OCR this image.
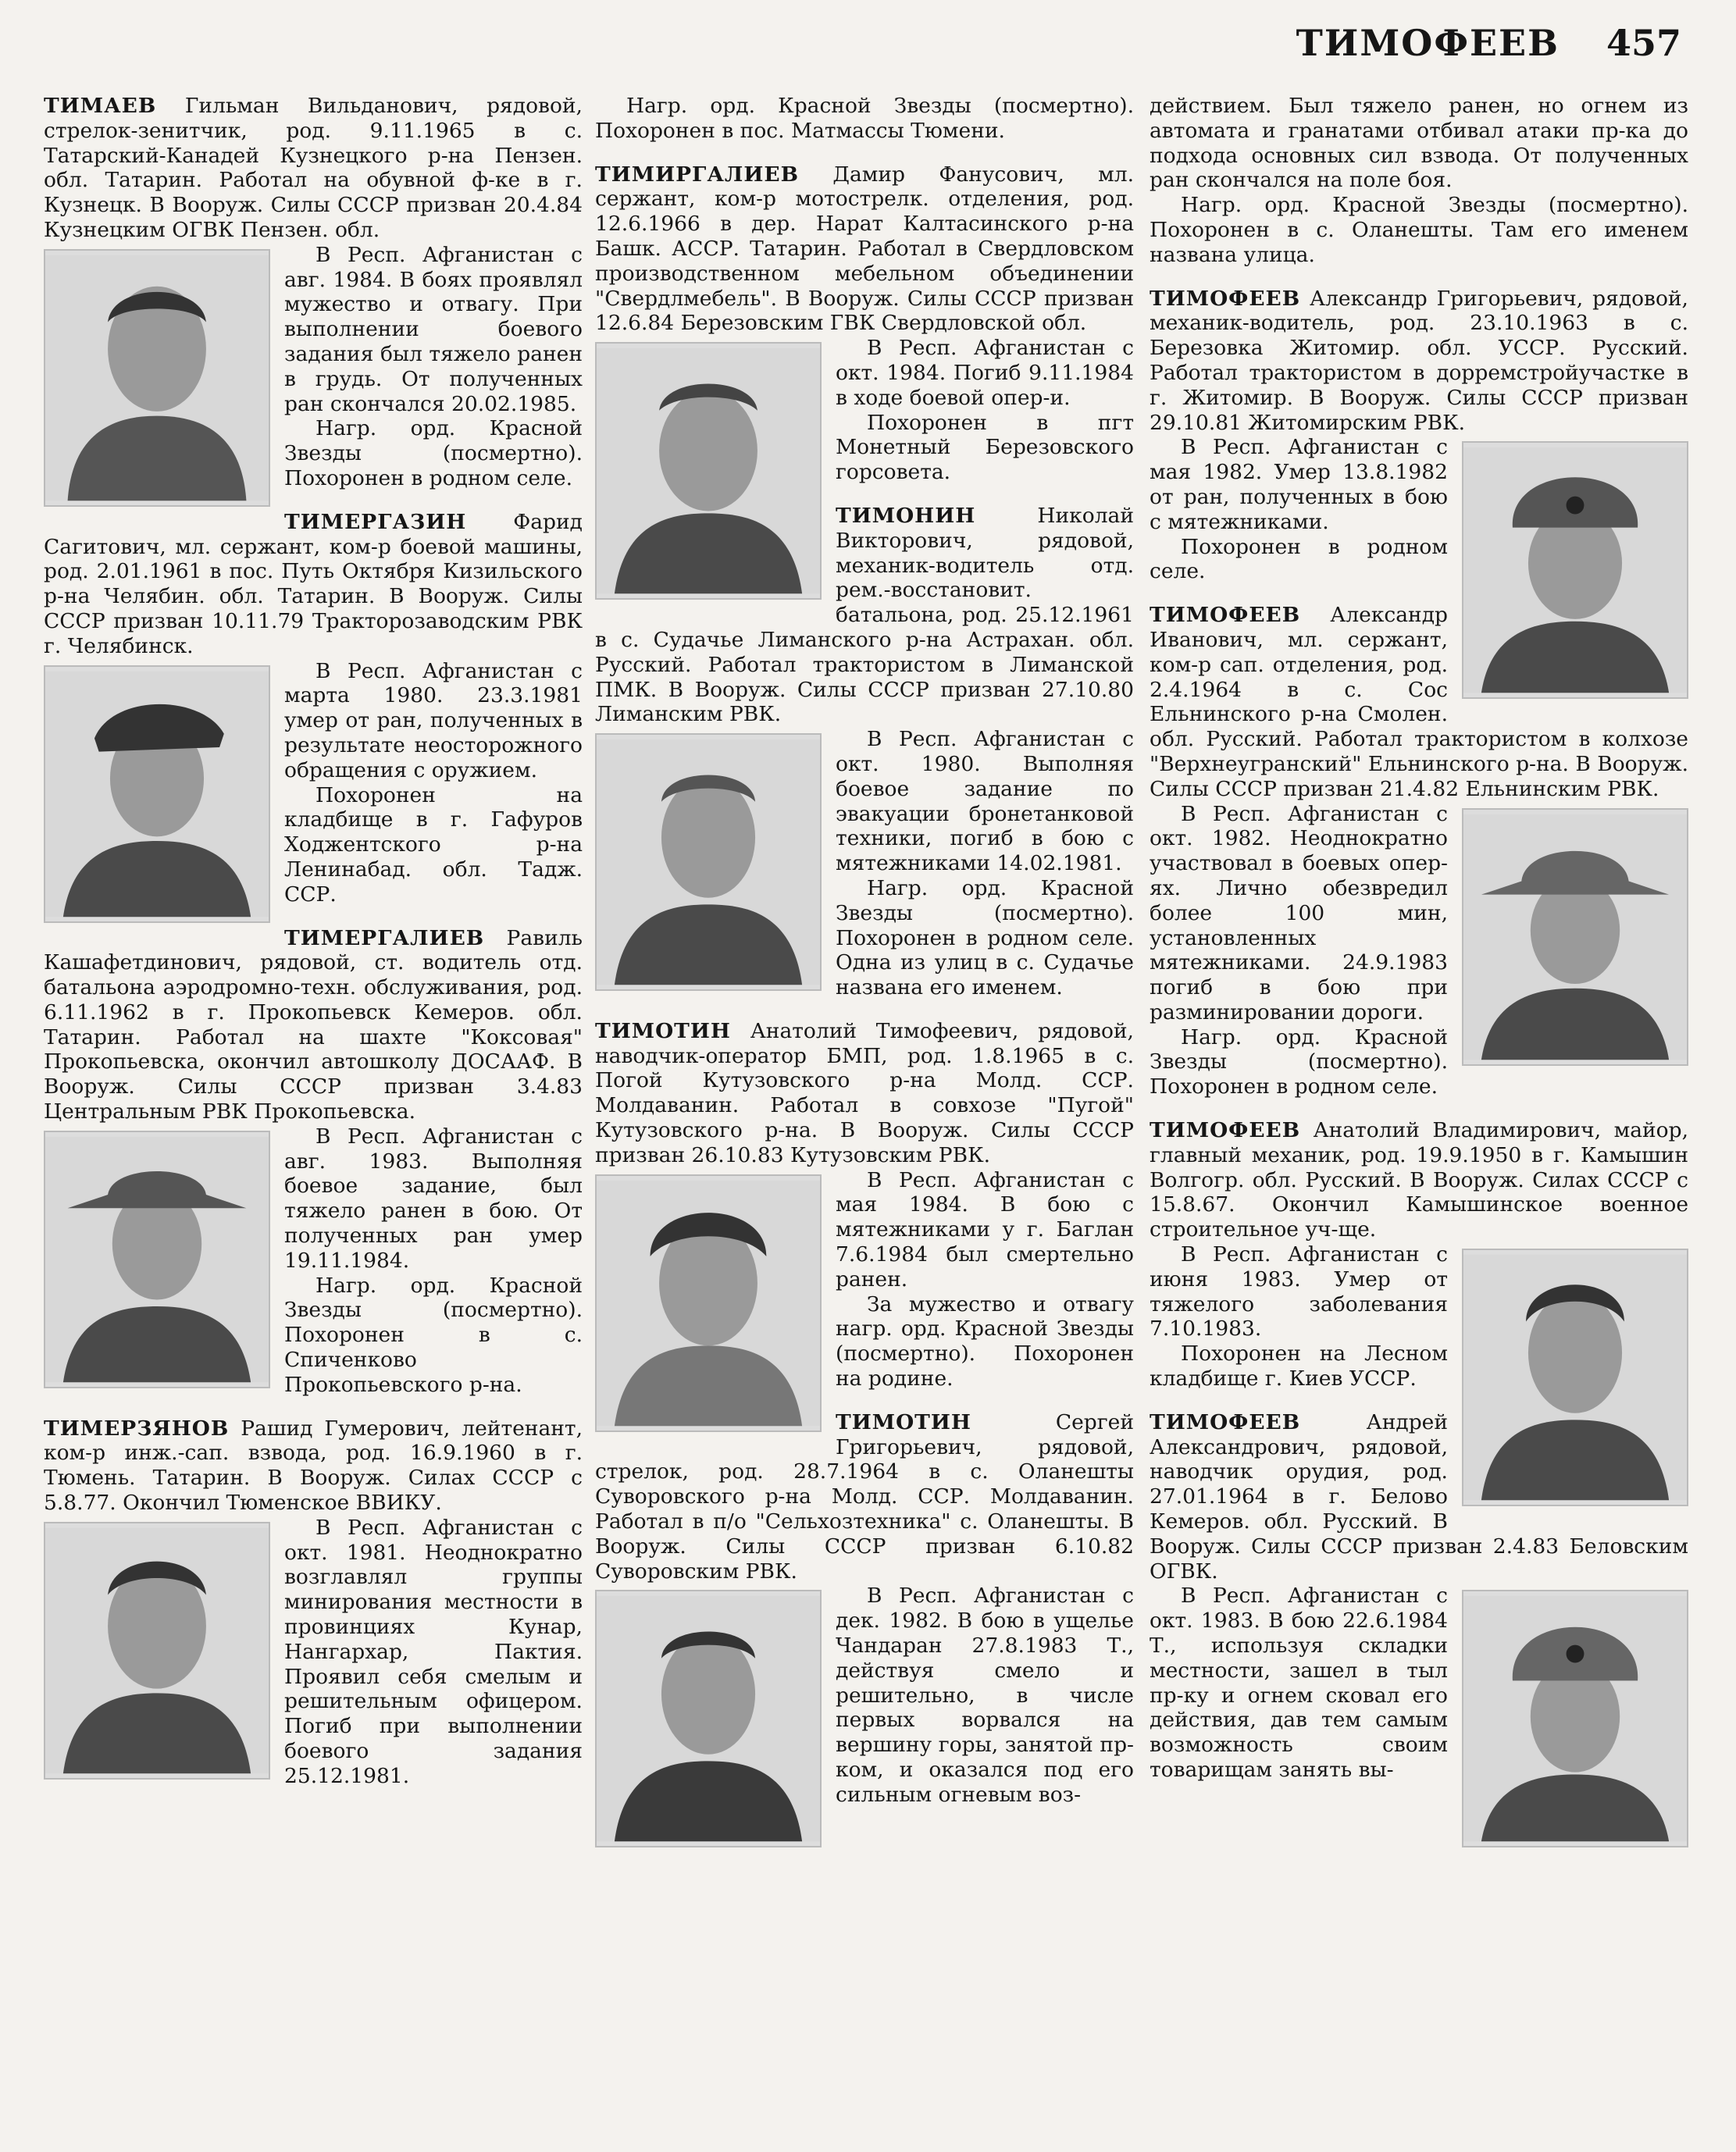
ТИМОФЕЕВ 457

ТИМАЕВ Гильман Вильданович, рядовой, стрелок-зенитчик, род. 9.11.1965 в с. Татарский-Канадей Кузнецкого р-на Пензен. обл. Татарин. Работал на обувной ф-ке в г. Кузнецк. В Вооруж. Силы СССР призван 20.4.84 Кузнецким ОГВК Пензен. обл.

В Респ. Афганистан с авг. 1984. В боях проявлял мужество и отвагу. При выполнении боевого задания был тяжело ранен в грудь. От полученных ран скончался 20.02.1985.

Нагр. орд. Красной Звезды (посмертно). Похоронен в родном селе.

ТИМЕРГАЗИН Фарид Сагитович, мл. сержант, ком-р боевой машины, род. 2.01.1961 в пос. Путь Октября Кизильского р-на Челябин. обл. Татарин. В Вооруж. Силы СССР призван 10.11.79 Тракторозаводским РВК г. Челябинск.

В Респ. Афганистан с марта 1980. 23.3.1981 умер от ран, полученных в результате неосторожного обращения с оружием.

Похоронен на кладбище в г. Гафуров Ходжентского р-на Ленинабад. обл. Тадж. ССР.

ТИМЕРГАЛИЕВ Равиль Кашафетдинович, рядовой, ст. водитель отд. батальона аэродромно-техн. обслуживания, род. 6.11.1962 в г. Прокопьевск Кемеров. обл. Татарин. Работал на шахте "Коксовая" Прокопьевска, окончил автошколу ДОСААФ. В Вооруж. Силы СССР призван 3.4.83 Центральным РВК Прокопьевска.

В Респ. Афганистан с авг. 1983. Выполняя боевое задание, был тяжело ранен в бою. От полученных ран умер 19.11.1984.

Нагр. орд. Красной Звезды (посмертно). Похоронен в с. Спиченково Прокопьевского р-на.

ТИМЕРЗЯНОВ Рашид Гумерович, лейтенант, ком-р инж.-сап. взвода, род. 16.9.1960 в г. Тюмень. Татарин. В Вооруж. Силах СССР с 5.8.77. Окончил Тюменское ВВИКУ.

В Респ. Афганистан с окт. 1981. Неоднократно возглавлял группы минирования местности в провинциях Кунар, Нангархар, Пактия. Проявил себя смелым и решительным офицером. Погиб при выполнении боевого задания 25.12.1981.

Нагр. орд. Красной Звезды (посмертно). Похоронен в пос. Матмассы Тюмени.

ТИМИРГАЛИЕВ Дамир Фанусович, мл. сержант, ком-р мотострелк. отделения, род. 12.6.1966 в дер. Нарат Калтасинского р-на Башк. АССР. Татарин. Работал в Свердловском производственном мебельном объединении "Свердлмебель". В Вооруж. Силы СССР призван 12.6.84 Березовским ГВК Свердловской обл.

В Респ. Афганистан с окт. 1984. Погиб 9.11.1984 в ходе боевой опер-и.

Похоронен в пгт Монетный Березовского горсовета.

ТИМОНИН	Николай Викторович, рядовой, механик-водитель отд. рем.-восстановит. батальона, род. 25.12.1961 в с. Судачье Лиманского р-на Астрахан. обл. Русский. Работал трактористом в Лиманской ПМК. В Вооруж. Силы СССР призван 27.10.80 Лиманским РВК.

В Респ. Афганистан с окт. 1980. Выполняя боевое задание по эвакуации бронетанковой техники, погиб в бою с мятежниками 14.02.1981.

Нагр. орд. Красной Звезды (посмертно). Похоронен в родном селе. Одна из улиц в с. Судачье названа его именем.

ТИМОТИН Анатолий Тимофеевич, рядовой, наводчик-оператор БМП, род. 1.8.1965 в с. Погой Кутузовского р-на Молд. ССР. Молдаванин. Работал в совхозе "Пугой" Кутузовского р-на. В Вооруж. Силы СССР призван 26.10.83 Кутузовским РВК.

В Респ. Афганистан с мая 1984. В бою с мятежниками у г. Баглан 7.6.1984 был смертельно ранен.

За мужество и отвагу нагр. орд. Красной Звезды (посмертно). Похоронен на родине.

ТИМОТИН	Сергей Григорьевич, рядовой, стрелок, род. 28.7.1964 в с. Оланешты Суворовского р-на Молд. ССР. Молдаванин. Работал в п/о "Сельхозтехника" с. Оланешты. В Вооруж. Силы СССР призван 6.10.82 Суворовским РВК.

В Респ. Афганистан с дек. 1982. В бою в ущелье Чандаран 27.8.1983 Т., действуя смело и решительно, в числе первых ворвался на вершину горы, занятой пр-ком, и оказался под его сильным огневым воз-

действием. Был тяжело ранен, но огнем из автомата и гранатами отбивал атаки пр-ка до подхода основных сил взвода. От полученных ран скончался на поле боя.

Нагр. орд. Красной Звезды (посмертно). Похоронен в с. Оланешты. Там его именем названа улица.

ТИМОФЕЕВ Александр Григорьевич, рядовой, механик-водитель, род. 23.10.1963 в с. Березовка Житомир. обл. УССР. Русский. Работал трактористом в дорремстройучастке в г. Житомир. В Вооруж. Силы СССР призван 29.10.81 Житомирским РВК.

В Респ. Афганистан с мая 1982. Умер 13.8.1982 от ран, полученных в бою с мятежниками.

Похоронен в родном селе.

ТИМОФЕЕВ Александр Иванович, мл. сержант, ком-р сап. отделения, род. 2.4.1964 в с. Сос Ельнинского р-на Смолен. обл. Русский. Работал трактористом в колхозе "Верхнеугранский" Ельнинского р-на. В Вооруж. Силы СССР призван 21.4.82 Ельнинским РВК.

В Респ. Афганистан с окт. 1982. Неоднократно участвовал в боевых опер-ях. Лично обезвредил более 100 мин, установленных мятежниками. 24.9.1983 погиб в бою при разминировании дороги.

Нагр. орд. Красной Звезды (посмертно). Похоронен в родном селе.

ТИМОФЕЕВ Анатолий Владимирович, майор, главный механик, род. 19.9.1950 в г. Камышин Волгогр. обл. Русский. В Вооруж. Силах СССР с 15.8.67. Окончил Камышинское военное строительное уч-ще.

В Респ. Афганистан с июня 1983. Умер от тяжелого заболевания 7.10.1983.

Похоронен на Лесном кладбище г. Киев УССР.

ТИМОФЕЕВ	Андрей Александрович, рядовой, наводчик орудия, род. 27.01.1964 в г. Белово Кемеров. обл. Русский. В Вооруж. Силы СССР призван 2.4.83 Беловским ОГВК.

В Респ. Афганистан с окт. 1983. В бою 22.6.1984 Т., используя складки местности, зашел в тыл пр-ку и огнем сковал его действия, дав тем самым возможность своим товарищам занять вы-
